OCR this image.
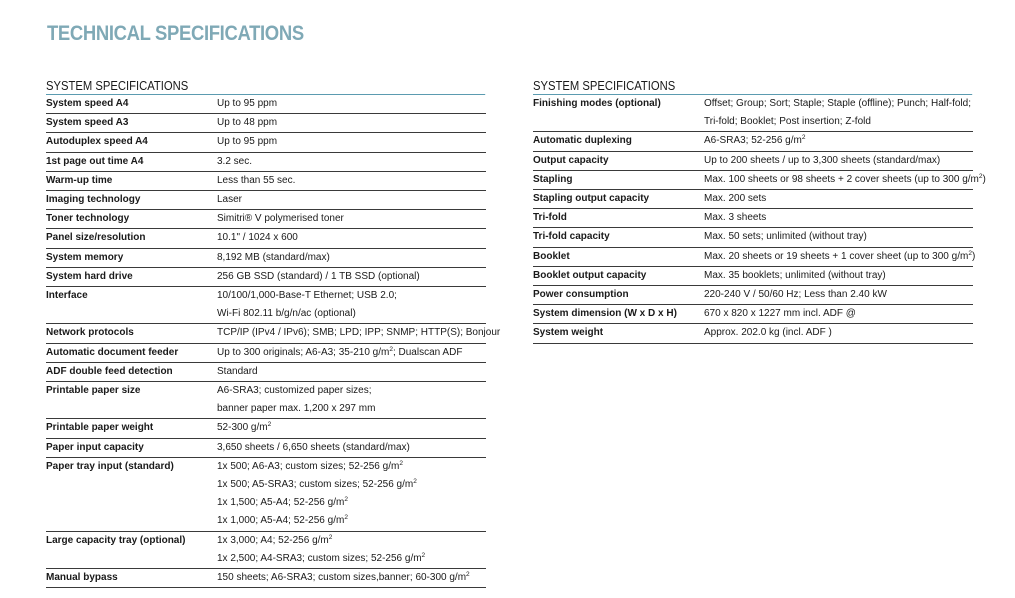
TECHNICAL SPECIFICATIONS
SYSTEM SPECIFICATIONS
System speed A4	Up to 95 ppm
System speed A3	Up to 48 ppm
Autoduplex speed A4	Up to 95 ppm
1st page out time A4	3.2 sec.
Warm-up time	Less than 55 sec.
Imaging technology	Laser
Toner technology	Simitri® V polymerised toner
Panel size/resolution	10.1" / 1024 x 600
System memory	8,192 MB (standard/max)
System hard drive	256 GB SSD (standard) / 1 TB SSD (optional)
Interface	10/100/1,000-Base-T Ethernet; USB 2.0;
Wi-Fi 802.11 b/g/n/ac (optional)
Network protocols	TCP/IP (IPv4 / IPv6); SMB; LPD; IPP; SNMP; HTTP(S); Bonjour
Automatic document feeder	Up to 300 originals; A6-A3; 35-210 $g/m^2$; Dualscan ADF
ADF double feed detection	Standard
Printable paper size	A6-SRA3; customized paper sizes;
banner paper max. 1,200 x 297 mm
Printable paper weight	52-300 $g/m^2$
Paper input capacity	3,650 sheets / 6,650 sheets (standard/max)
Paper tray input (standard)	1x 500; A6-A3; custom sizes; 52-256 $g/m^2$
1x 500; A5-SRA3; custom sizes; 52-256 $g/m^2$
1x 1,500; A5-A4; 52-256 $g/m^2$
1x 1,000; A5-A4; 52-256 $g/m^2$
Large capacity tray (optional)	1x 3,000; A4; 52-256 $g/m^2$
1x 2,500; A4-SRA3; custom sizes; 52-256 $g/m^2$
Manual bypass	150 sheets; A6-SRA3; custom sizes,banner; 60-300 $g/m^2$
SYSTEM SPECIFICATIONS
Finishing modes (optional)	Offset; Group; Sort; Staple; Staple (offline); Punch; Half-fold;
Tri-fold; Booklet; Post insertion; Z-fold
Automatic duplexing	A6-SRA3; 52-256 $g/m^2$
Output capacity	Up to 200 sheets / up to 3,300 sheets (standard/max)
Stapling	Max. 100 sheets or 98 sheets + 2 cover sheets (up to 300 $g/m^2$)
Stapling output capacity	Max. 200 sets
Tri-fold	Max. 3 sheets
Tri-fold capacity	Max. 50 sets; unlimited (without tray)
Booklet	Max. 20 sheets or 19 sheets + 1 cover sheet (up to 300 $g/m^2$)
Booklet output capacity	Max. 35 booklets; unlimited (without tray)
Power consumption	220-240 V / 50/60 Hz; Less than 2.40 kW
System dimension (W x D x H)	670 x 820 x 1227 mm incl. ADF @
System weight	Approx. 202.0 kg (incl. ADF )
